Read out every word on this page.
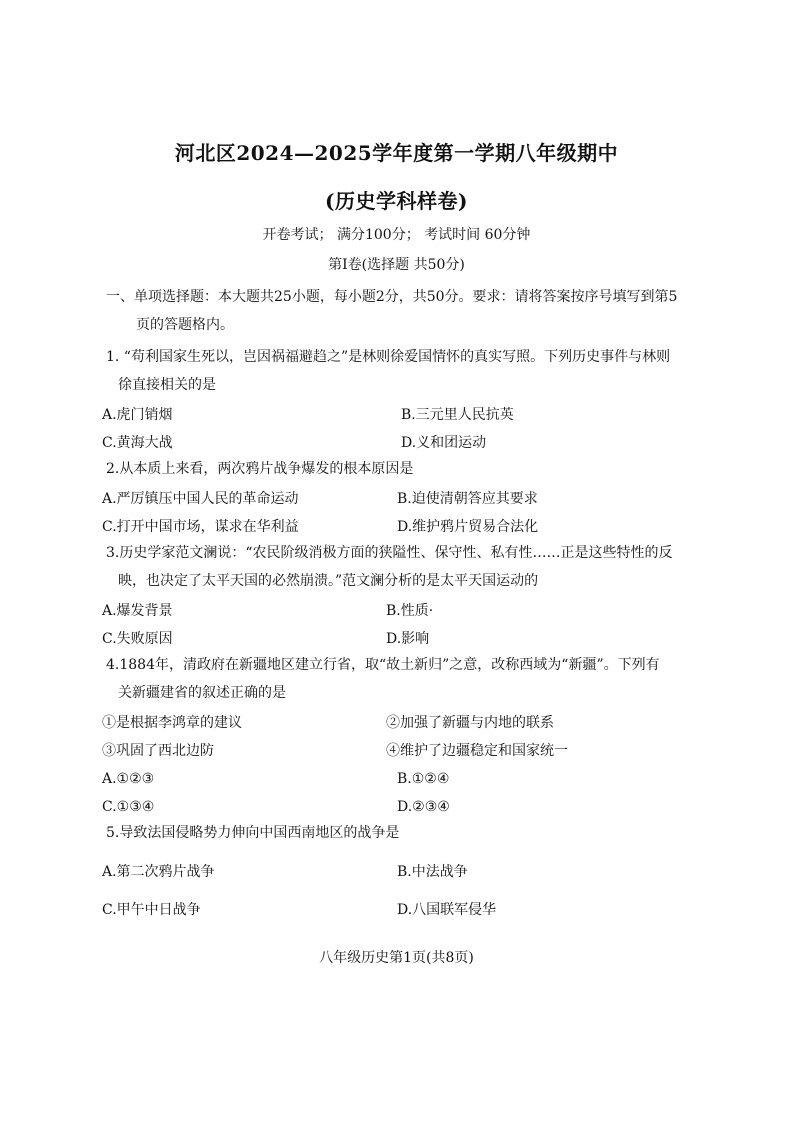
河北区2024—2025学年度第一学期八年级期中
(历史学科样卷)
开卷考试； 满分100分； 考试时间 60分钟
第Ⅰ卷(选择题 共50分)
一、单项选择题：本大题共25小题，每小题2分，共50分。要求：请将答案按序号填写到第5
页的答题格内。
1. “苟利国家生死以，岂因祸福避趋之”是林则徐爱国情怀的真实写照。下列历史事件与林则
徐直接相关的是
A.虎门销烟	B.三元里人民抗英
C.黄海大战	D.义和团运动
2.从本质上来看，两次鸦片战争爆发的根本原因是
A.严厉镇压中国人民的革命运动	B.迫使清朝答应其要求
C.打开中国市场，谋求在华利益	D.维护鸦片贸易合法化
3.历史学家范文澜说：“农民阶级消极方面的狭隘性、保守性、私有性……正是这些特性的反
映，也决定了太平天国的必然崩溃。”范文澜分析的是太平天国运动的
A.爆发背景	B.性质·
C.失败原因	D.影响
4.1884年，清政府在新疆地区建立行省，取“故土新归”之意，改称西域为“新疆”。下列有
关新疆建省的叙述正确的是
①是根据李鸿章的建议	②加强了新疆与内地的联系
③巩固了西北边防	④维护了边疆稳定和国家统一
A.①②③	B.①②④
C.①③④	D.②③④
5.导致法国侵略势力伸向中国西南地区的战争是
A.第二次鸦片战争	B.中法战争
C.甲午中日战争	D.八国联军侵华
八年级历史第1页(共8页)
